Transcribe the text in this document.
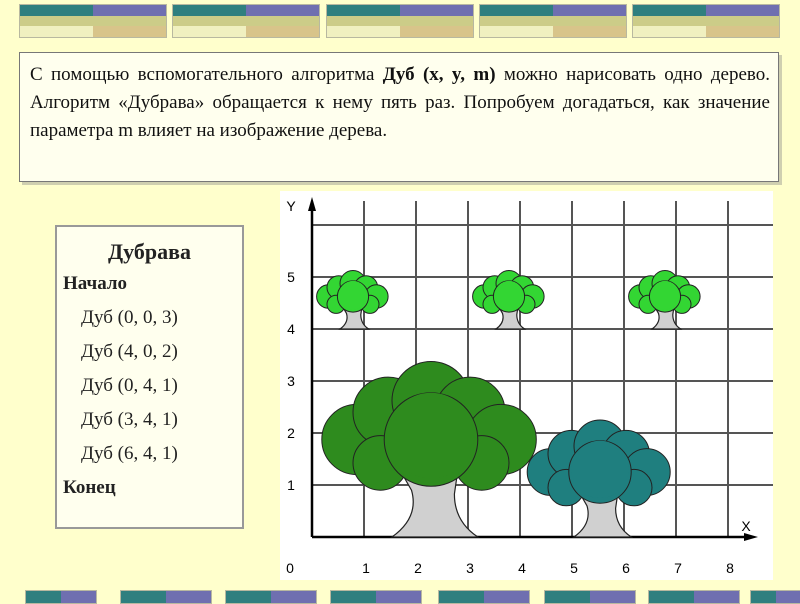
С помощью вспомогательного алгоритма Дуб (x, y, m) можно нарисовать одно дерево. Алгоритм «Дубрава» обращается к нему пять раз. Попробуем догадаться, как значение параметра m влияет на изображение дерева.
Дубрава
Начало
Дуб (0, 0, 3)
Дуб (4, 0, 2)
Дуб (0, 4, 1)
Дуб (3, 4, 1)
Дуб (6, 4, 1)
Конец
0	1	2	3	4	5	6	7	8
1
2
3
4
5
X
Y
